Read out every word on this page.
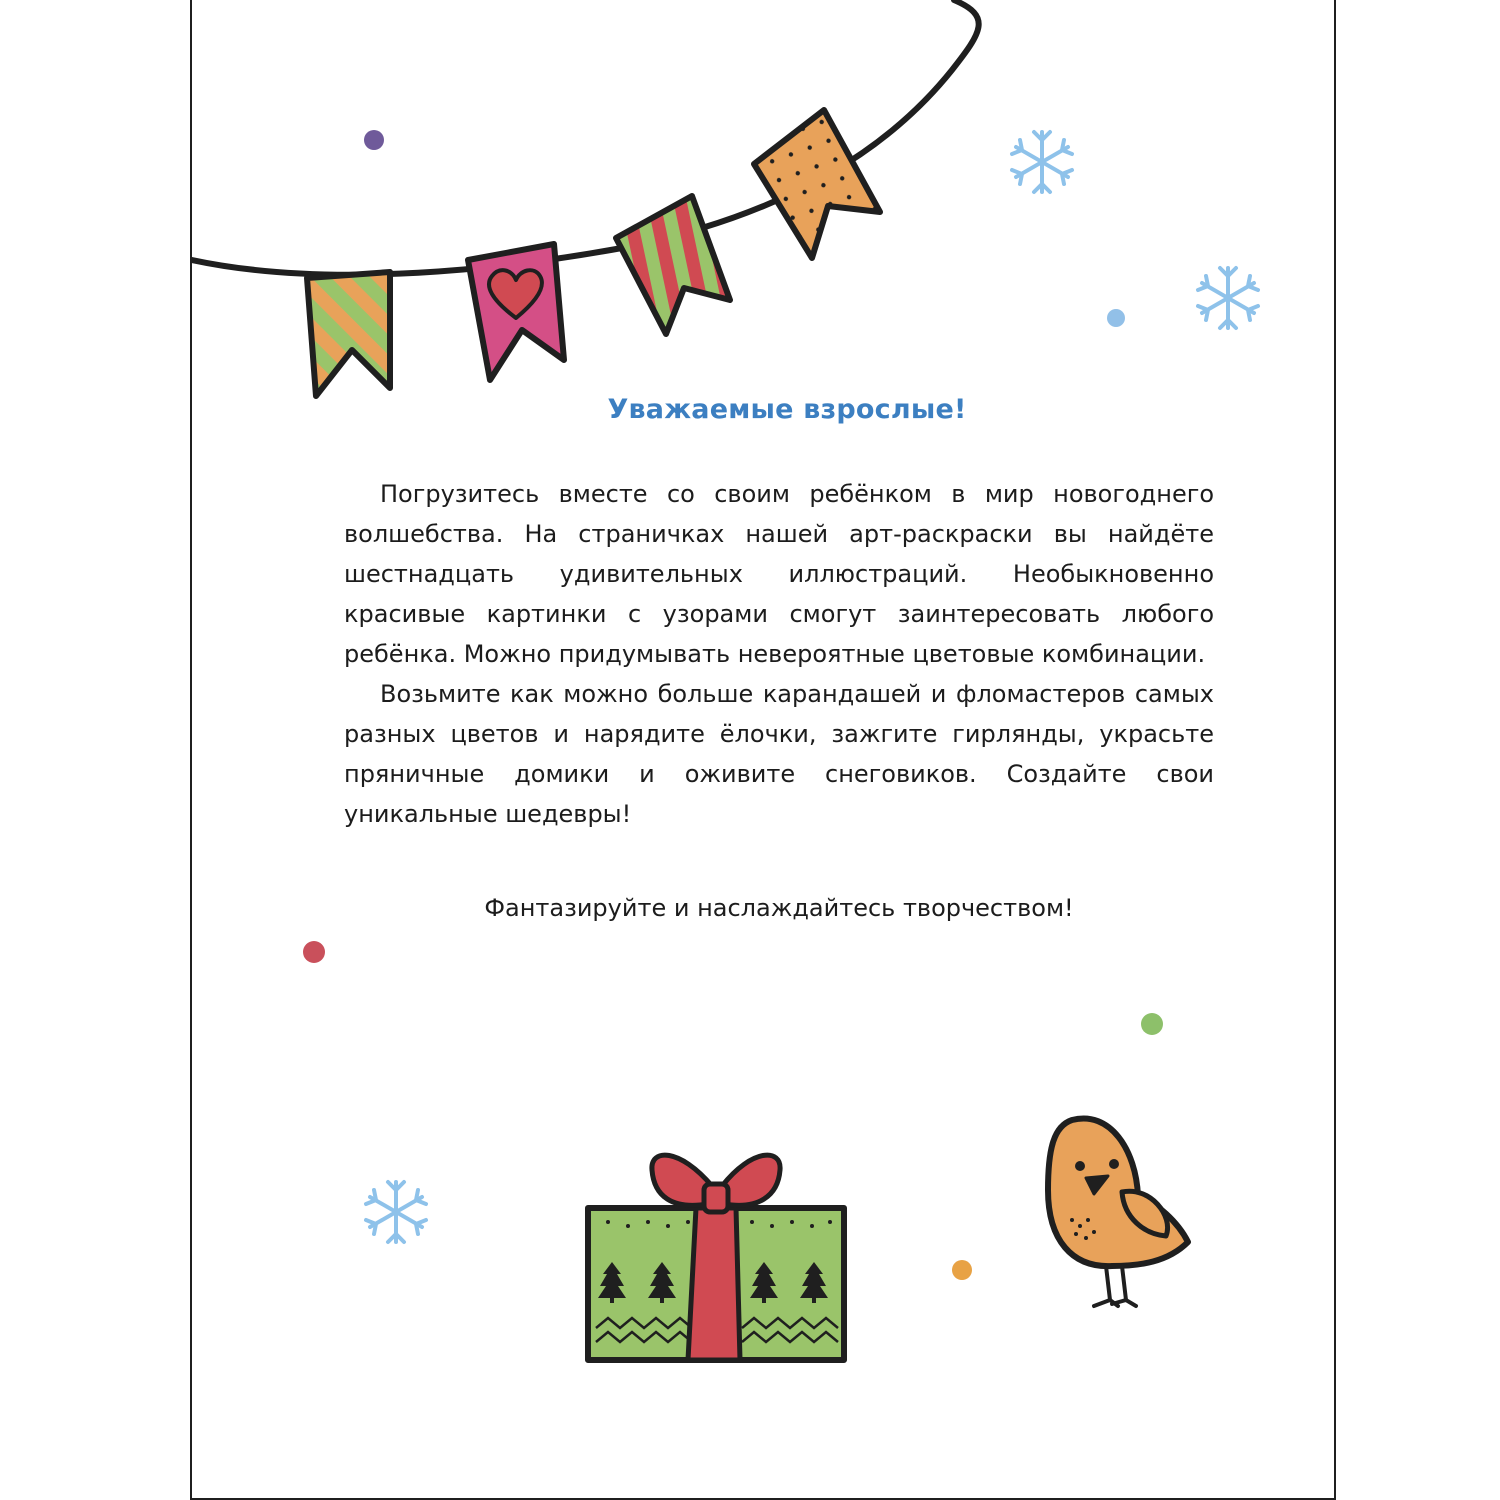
Уважаемые взрослые!

Погрузитесь вместе со своим ребёнком в мир новогоднего волшебства. На страничках нашей арт-раскраски вы найдёте шестнадцать удивительных иллюстраций. Необыкновенно красивые картинки с узорами смогут заинтересовать любого ребёнка. Можно придумывать невероятные цветовые комбинации.

Возьмите как можно больше карандашей и фломастеров самых разных цветов и нарядите ёлочки, зажгите гирлянды, украсьте пряничные домики и оживите снеговиков. Создайте свои уникальные шедевры!

Фантазируйте и наслаждайтесь творчеством!
